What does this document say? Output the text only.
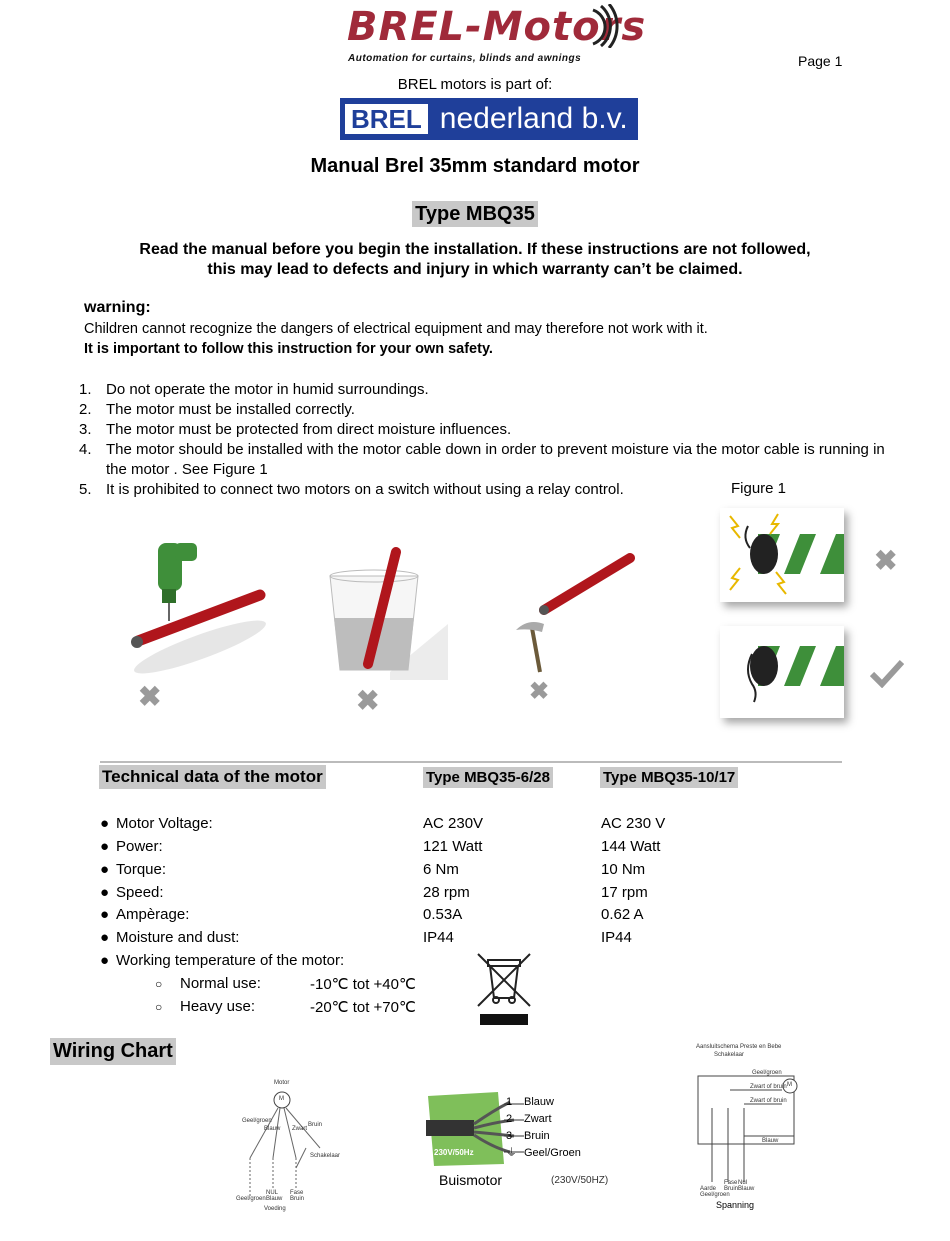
BREL-Motors
Automation for curtains, blinds and awnings	Page 1
BREL motors is part of:
BREL nederland b.v.
Manual Brel 35mm standard motor
Type MBQ35
Read the manual before you begin the installation. If these instructions are not followed,
this may lead to defects and injury in which warranty can’t be claimed.
warning:
Children cannot recognize the dangers of electrical equipment and may therefore not work with it.
It is important to follow this instruction for your own safety.
1. Do not operate the motor in humid surroundings.
2. The motor must be installed correctly.
3. The motor must be protected from direct moisture influences.
4. The motor should be installed with the motor cable down in order to prevent moisture via the motor cable is running in the motor . See Figure 1
5. It is prohibited to connect two motors on a switch without using a relay control.	Figure 1
✖	✖	✖
✖
Technical data of the motor	Type MBQ35-6/28	Type MBQ35-10/17
● Motor Voltage:	AC 230V	AC 230 V
● Power:	121 Watt	144 Watt
● Torque:	6 Nm	10 Nm
● Speed:	28 rpm	17 rpm
● Ampèrage:	0.53A	0.62 A
● Moisture and dust:	IP44	IP44
● Working temperature of the motor:
○ Normal use:	-10℃ tot +40℃
○ Heavy use:	-20℃ tot +70℃
Wiring Chart
Motor
M
Geel/groen
Blauw Zwart
Bruin
Schakelaar
Geel/groen
NUL Blauw
Fase Bruin
Voeding
230V/50Hz
1 Blauw
2 Zwart
3 Bruin
⏚ Geel/Groen
Buismotor	(230V/50HZ)
Aansluitschema Preste en Bebe
Schakelaar
Geel/groen
Zwart of bruin
Zwart of bruin
Blauw
M
Aarde Geel/groen
Fase Bruin
Nul Blauw
Spanning
